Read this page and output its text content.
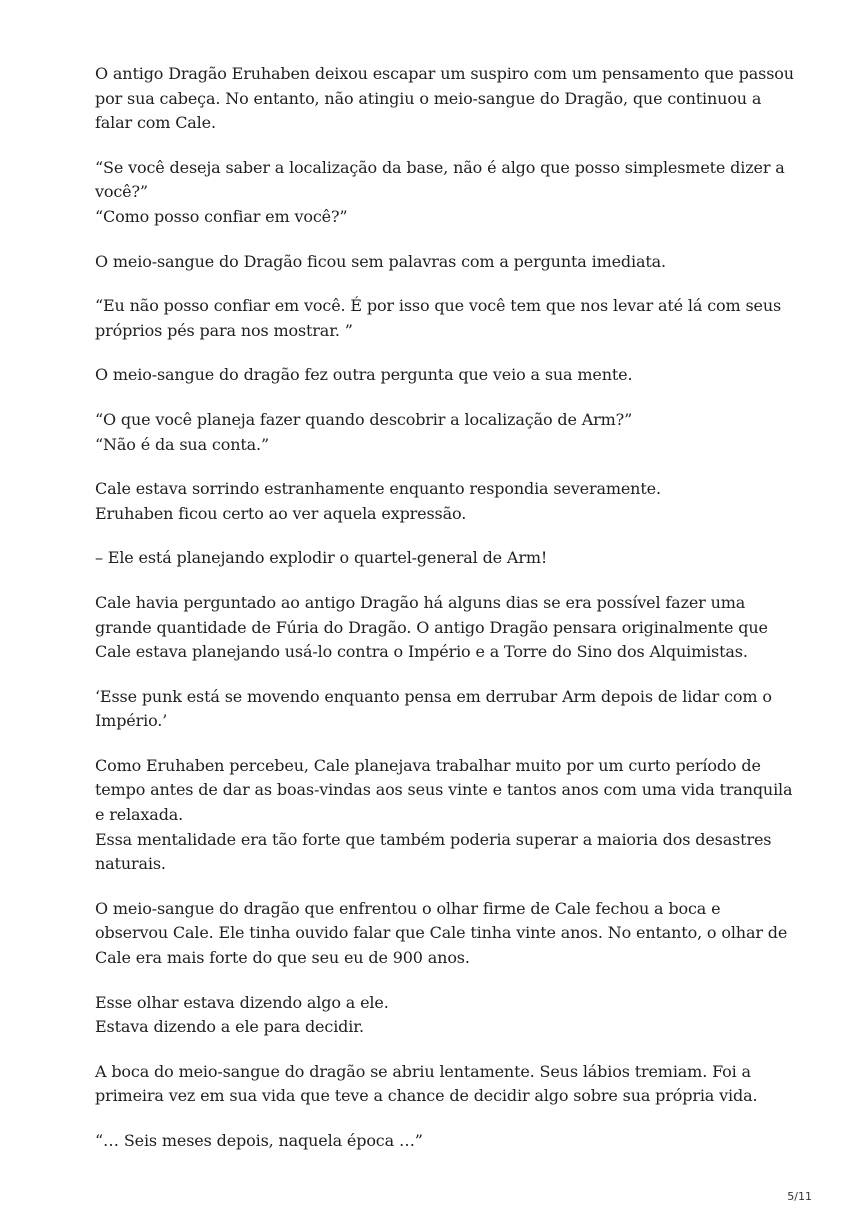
O antigo Dragão Eruhaben deixou escapar um suspiro com um pensamento que passou por sua cabeça. No entanto, não atingiu o meio-sangue do Dragão, que continuou a falar com Cale.

“Se você deseja saber a localização da base, não é algo que posso simplesmete dizer a você?”
“Como posso confiar em você?”

O meio-sangue do Dragão ficou sem palavras com a pergunta imediata.

“Eu não posso confiar em você. É por isso que você tem que nos levar até lá com seus próprios pés para nos mostrar. ”

O meio-sangue do dragão fez outra pergunta que veio a sua mente.

“O que você planeja fazer quando descobrir a localização de Arm?”
“Não é da sua conta.”

Cale estava sorrindo estranhamente enquanto respondia severamente.
Eruhaben ficou certo ao ver aquela expressão.

– Ele está planejando explodir o quartel-general de Arm!

Cale havia perguntado ao antigo Dragão há alguns dias se era possível fazer uma grande quantidade de Fúria do Dragão. O antigo Dragão pensara originalmente que Cale estava planejando usá-lo contra o Império e a Torre do Sino dos Alquimistas.

‘Esse punk está se movendo enquanto pensa em derrubar Arm depois de lidar com o Império.’

Como Eruhaben percebeu, Cale planejava trabalhar muito por um curto período de tempo antes de dar as boas-vindas aos seus vinte e tantos anos com uma vida tranquila e relaxada.
Essa mentalidade era tão forte que também poderia superar a maioria dos desastres naturais.

O meio-sangue do dragão que enfrentou o olhar firme de Cale fechou a boca e observou Cale. Ele tinha ouvido falar que Cale tinha vinte anos. No entanto, o olhar de Cale era mais forte do que seu eu de 900 anos.

Esse olhar estava dizendo algo a ele.
Estava dizendo a ele para decidir.

A boca do meio-sangue do dragão se abriu lentamente. Seus lábios tremiam. Foi a primeira vez em sua vida que teve a chance de decidir algo sobre sua própria vida.

“… Seis meses depois, naquela época …”

5/11
